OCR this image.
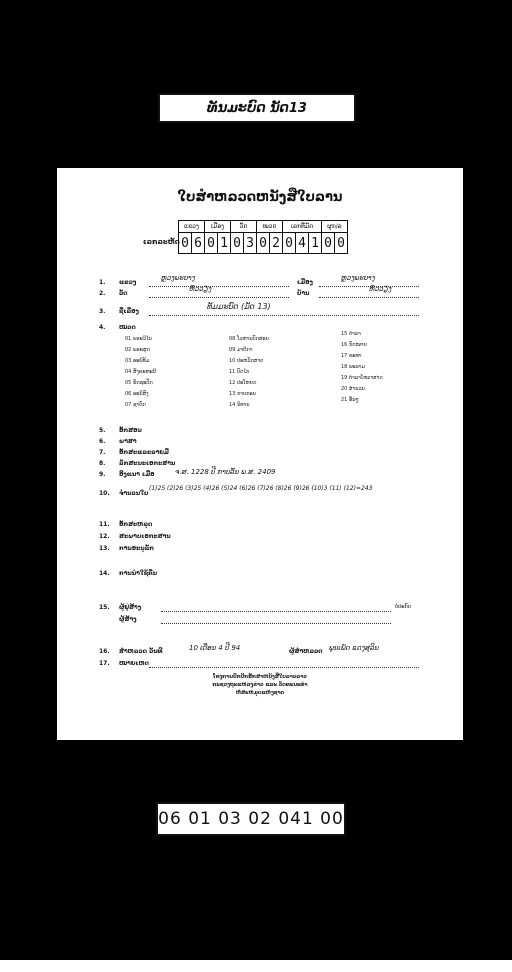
ທັນມະບົດ ນັດ13
ໃບສຳຫລວດຫນັງສືໃບລານ
ເລກລະຫັດ
ແຂວງ		ເມືອງ		ວັດ		ໝວດ		ເລກທີ່ມັດ			ຜູກ/ລ	
0	6	0	1	0	3	0	2	0	4	1	0	0
1. ແຂວງ
ຫຼວງພະບາງ
ເມືອງ
ຫຼວງພະບາງ
2. ວັດ
ຫົວວຽງ
ບ້ານ
ຫົວວຽງ
3. ຊື່ເລື່ອງ
ທັມມະບົດ (ມັດ 13)
4. ໝວດ
01 ພຣະວິໄນ
02 ພຣະສູດ
03 ອະພິທັມ
04 ສັງຄະຫະນີ
05 ຮັດຊະປັກ
06 ອະນິສົງ
07 ຊາດົກ
08 ໂວຫານບົດສອນ
09 ມາຕິກາ
10 ປະຫວັດສາດ
11 ບົດໄກ
12 ປະໂຫຍດ
13 ກາບກອນ
14 ນິທານ
15 ຕຳລາ
16 ກົດໝາຍ
17 ຂະທາ
18 ພະລາມ
19 ຕຳລາໂຫລາສາດ
20 ສຳນວນ
21 ອື່ນໆ
5. ອັກສອນ
6. ພາສາ
7. ອັກສະແລະລາຍມື
8. ລັກສະນະເອກະສານ
9. ອີງແນາ ເມື່ອ	ຈ.ສ. 1228 ປີ ກາບລົ້ນ ພ.ສ. 2409
10. ຈຳນວນໃບ
(1)25 (2)26 (3)25 (4)26 (5)24 (6)26 (7)26 (8)26 (9)26 (10)3 (11) (12)=243
11. ອັກສະຫລຸດ
12. ສະພາບເອກະສານ
13. ການອະນຸລັກ
14. ການນຳໃຊ້ຄືນ
15. ຜູ້ຢູ່ສ້າງ	ບໍ່ປະກົດ
ຜູ້ສ້າງ
16. ສຳຫລວດ ວັນທີ	10 ເດືອນ 4 ປີ 94	ຜູ້ສຳຫລວດ ພູນເພັດ ແດງສຸລິນ
17. ໝາຍເຫດ
ໂຄງການປົກປັກຮັກສາຫນັງສືໃບລານລາວ
ກະຊວງຖະແຫລງຂ່າວ ແລະ ວັດທະນະທຳ
ຫໍສະຫມຸດແຫ່ງຊາດ
06 01 03 02 041 00
